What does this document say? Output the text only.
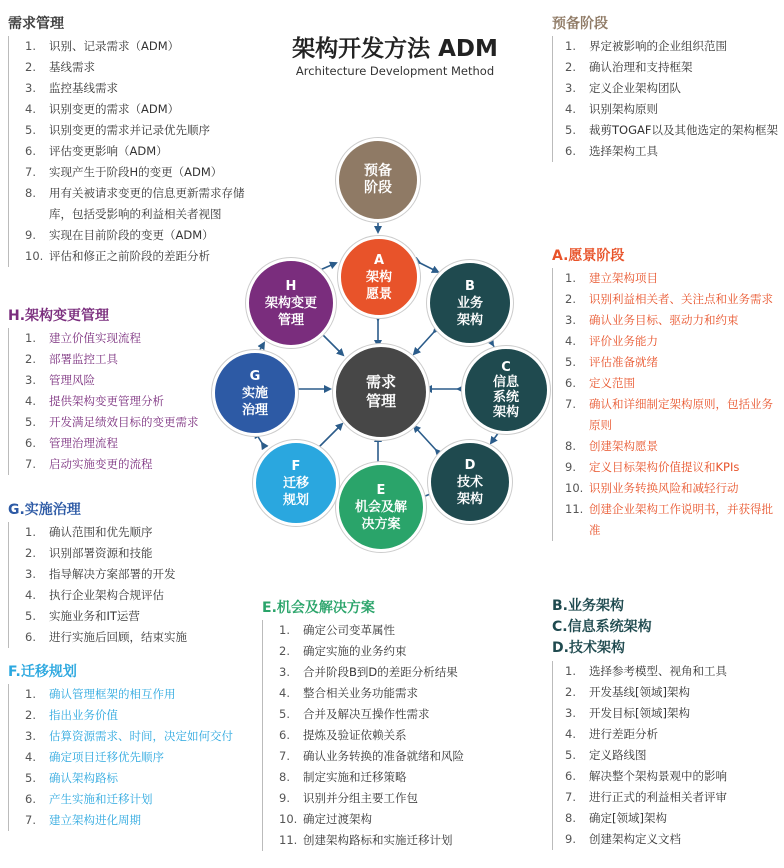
需求管理
1.	识别、记录需求（ADM）
2.	基线需求
3.	监控基线需求
4.	识别变更的需求（ADM）
5.	识别变更的需求并记录优先顺序
6.	评估变更影响（ADM）
7.	实现产生于阶段H的变更（ADM）
8.	用有关被请求变更的信息更新需求存储库，包括受影响的利益相关者视图
9.	实现在目前阶段的变更（ADM）
10. 评估和修正之前阶段的差距分析
H.架构变更管理
1.	建立价值实现流程
2.	部署监控工具
3.	管理风险
4.	提供架构变更管理分析
5.	开发满足绩效目标的变更需求
6.	管理治理流程
7.	启动实施变更的流程
G.实施治理
1.	确认范围和优先顺序
2.	识别部署资源和技能
3.	指导解决方案部署的开发
4.	执行企业架构合规评估
5.	实施业务和IT运营
6.	进行实施后回顾，结束实施
F.迁移规划
1.	确认管理框架的相互作用
2.	指出业务价值
3.	估算资源需求、时间，决定如何交付
4.	确定项目迁移优先顺序
5.	确认架构路标
6.	产生实施和迁移计划
7.	建立架构进化周期
E.机会及解决方案
1.	确定公司变革属性
2.	确定实施的业务约束
3.	合并阶段B到D的差距分析结果
4.	整合相关业务功能需求
5.	合并及解决互操作性需求
6.	提炼及验证依赖关系
7.	确认业务转换的准备就绪和风险
8.	制定实施和迁移策略
9.	识别并分组主要工作包
10. 确定过渡架构
11. 创建架构路标和实施迁移计划
预备阶段
1.	界定被影响的企业组织范围
2.	确认治理和支持框架
3.	定义企业架构团队
4.	识别架构原则
5.	裁剪TOGAF以及其他选定的架构框架
6.	选择架构工具
A.愿景阶段
1.	建立架构项目
2.	识别利益相关者、关注点和业务需求
3.	确认业务目标、驱动力和约束
4.	评价业务能力
5.	评估准备就绪
6.	定义范围
7.	确认和详细制定架构原则，包括业务原则
8.	创建架构愿景
9.	定义目标架构价值提议和KPIs
10. 识别业务转换风险和减轻行动
11. 创建企业架构工作说明书，并获得批准
B.业务架构
C.信息系统架构
D.技术架构
1.	选择参考模型、视角和工具
2.	开发基线[领域]架构
3.	开发目标[领域]架构
4.	进行差距分析
5.	定义路线图
6.	解决整个架构景观中的影响
7.	进行正式的利益相关者评审
8.	确定[领域]架构
9.	创建架构定义文档
架构开发方法 ADM
Architecture Development Method
预备
阶段
A
架构
愿景
B
业务
架构
C
信息
系统
架构
D
技术
架构
E
机会及解
决方案
F
迁移
规划
G
实施
治理
H
架构变更
管理
需求
管理
